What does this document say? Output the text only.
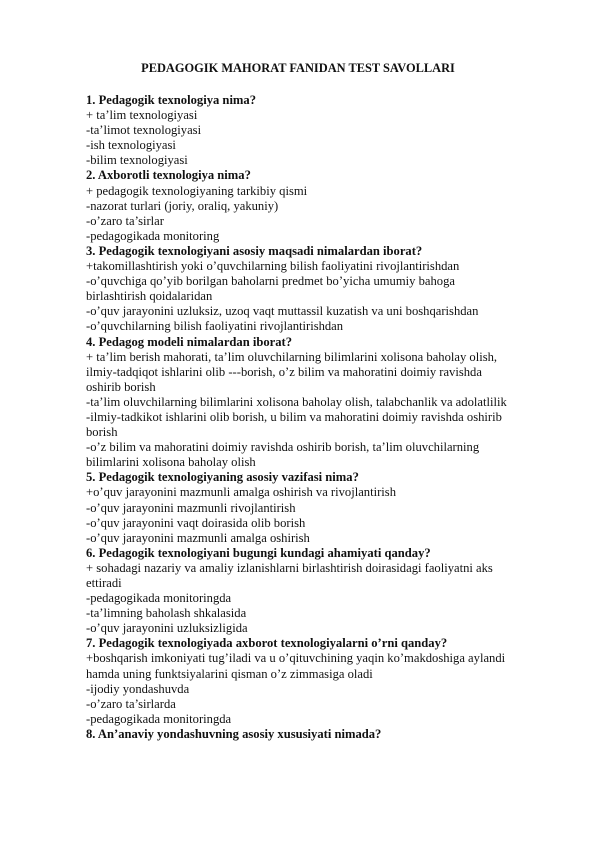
PEDAGOGIK MAHORAT FANIDAN TEST SAVOLLARI
1. Pedagogik texnologiya nima?
+ ta’lim texnologiyasi
-ta’limot texnologiyasi
-ish texnologiyasi
-bilim texnologiyasi
2. Axborotli texnologiya nima?
+ pedagogik texnologiyaning tarkibiy qismi
-nazorat turlari (joriy, oraliq, yakuniy)
-o’zaro ta’sirlar
-pedagogikada monitoring
3. Pedagogik texnologiyani asosiy maqsadi nimalardan iborat?
+takomillashtirish yoki o’quvchilarning bilish faoliyatini rivojlantirishdan
-o’quvchiga qo’yib borilgan baholarni predmet bo’yicha umumiy bahoga
birlashtirish qoidalaridan
-o’quv jarayonini uzluksiz, uzoq vaqt muttassil kuzatish va uni boshqarishdan
-o’quvchilarning bilish faoliyatini rivojlantirishdan
4. Pedagog modeli nimalardan iborat?
+ ta’lim berish mahorati, ta’lim oluvchilarning bilimlarini xolisona baholay olish,
ilmiy-tadqiqot ishlarini olib ---borish, o’z bilim va mahoratini doimiy ravishda
oshirib borish
-ta’lim oluvchilarning bilimlarini xolisona baholay olish, talabchanlik va adolatlilik
-ilmiy-tadkikot ishlarini olib borish, u bilim va mahoratini doimiy ravishda oshirib
borish
-o’z bilim va mahoratini doimiy ravishda oshirib borish, ta’lim oluvchilarning
bilimlarini xolisona baholay olish
5. Pedagogik texnologiyaning asosiy vazifasi nima?
+o’quv jarayonini mazmunli amalga oshirish va rivojlantirish
-o’quv jarayonini mazmunli rivojlantirish
-o’quv jarayonini vaqt doirasida olib borish
-o’quv jarayonini mazmunli amalga oshirish
6. Pedagogik texnologiyani bugungi kundagi ahamiyati qanday?
+ sohadagi nazariy va amaliy izlanishlarni birlashtirish doirasidagi faoliyatni aks
ettiradi
-pedagogikada monitoringda
-ta’limning baholash shkalasida
-o’quv jarayonini uzluksizligida
7. Pedagogik texnologiyada axborot texnologiyalarni o’rni qanday?
+boshqarish imkoniyati tug’iladi va u o’qituvchining yaqin ko’makdoshiga aylandi
hamda uning funktsiyalarini qisman o’z zimmasiga oladi
-ijodiy yondashuvda
-o’zaro ta’sirlarda
-pedagogikada monitoringda
8. An’anaviy yondashuvning asosiy xususiyati nimada?
